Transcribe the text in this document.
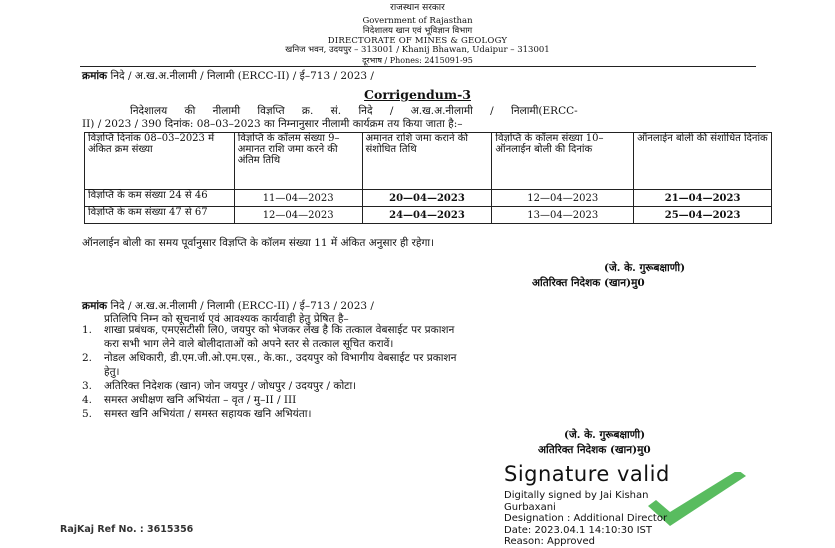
राजस्थान सरकार
Government of Rajasthan
निदेशालय खान एवं भूविज्ञान विभाग
DIRECTORATE OF MINES & GEOLOGY
खनिज भवन, उदयपुर – 313001 / Khanij Bhawan, Udaipur – 313001
दूरभाष / Phones: 2415091-95
क्रमांक निदे / अ.ख.अ.नीलामी / निलामी (ERCC-II) / ई–713 / 2023 /
Corrigendum-3
निदेशालय की नीलामी विज्ञप्ति क्र. सं. निदे / अ.ख.अ.नीलामी / निलामी(ERCC-
II) / 2023 / 390 दिनांक: 08–03–2023 का निम्नानुसार नीलामी कार्यक्रम तय किया जाता है:–
विज्ञप्ति दिनांक 08–03–2023 में अंकित क्रम संख्या	विज्ञप्ति के कॉलम संख्या 9– अमानत राशि जमा करने की अंतिम तिथि	अमानत राशि जमा कराने की संशोधित तिथि	विज्ञप्ति के कॉलम संख्या 10– ऑनलाईन बोली की दिनांक	ऑनलाईन बोली की संशोधित दिनांक
विज्ञप्ति के कम संख्या 24 से 46	11—04—2023	20—04—2023	12—04—2023	21—04—2023
विज्ञप्ति के कम संख्या 47 से 67	12—04—2023	24—04—2023	13—04—2023	25—04—2023
ऑनलाईन बोली का समय पूर्वानुसार विज्ञप्ति के कॉलम संख्या 11 में अंकित अनुसार ही रहेगा।
(जे. के. गुरूबक्षाणी)
अतिरिक्त निदेशक (खान)मु0
क्रमांक निदे / अ.ख.अ.नीलामी / निलामी (ERCC-II) / ई–713 / 2023 /
प्रतिलिपि निम्न को सूचनार्थ एवं आवश्यक कार्यवाही हेतु प्रेषित है–
1. शाखा प्रबंधक, एमएसटीसी लि0, जयपुर को भेजकर लेख है कि तत्काल वेबसाईट पर प्रकाशन
करा सभी भाग लेने वाले बोलीदाताओं को अपने स्तर से तत्काल सूचित करावें।
2. नोडल अधिकारी, डी.एम.जी.ओ.एम.एस., के.का., उदयपुर को विभागीय वेबसाईट पर प्रकाशन
हेतु।
3. अतिरिक्त निदेशक (खान) जोन जयपुर / जोधपुर / उदयपुर / कोटा।
4. समस्त अधीक्षण खनि अभियंता – वृत / मु–II / III
5. समस्त खनि अभियंता / समस्त सहायक खनि अभियंता।
(जे. के. गुरूबक्षाणी)
अतिरिक्त निदेशक (खान)मु0
Signature valid
Digitally signed by Jai Kishan
Gurbaxani
Designation : Additional Director
Date: 2023.04.1 14:10:30 IST
Reason: Approved
RajKaj Ref No. : 3615356
